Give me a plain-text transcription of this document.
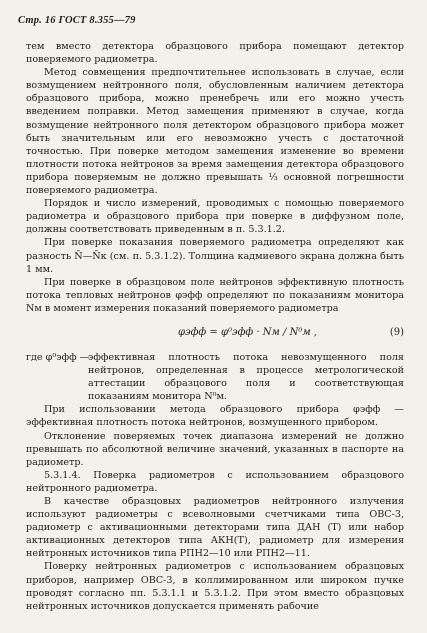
Стр. 16 ГОСТ 8.355—79

тем вместо детектора образцового прибора помещают детектор поверяемого радиометра.

Метод совмещения предпочтительнее использовать в случае, если возмущением нейтронного поля, обусловленным наличием детектора образцового прибора, можно пренебречь или его можно учесть введением поправки. Метод замещения применяют в случае, когда возмущение нейтронного поля детектором образцового прибора может быть значительным или его невозможно учесть с достаточной точностью. При поверке методом замещения изменение во времени плотности потока нейтронов за время замещения детектора образцового прибора поверяемым не должно превышать ⅓ основной погрешности поверяемого радиометра.

Порядок и число измерений, проводимых с помощью поверяемого радиометра и образцового прибора при поверке в диффузном поле, должны соответствовать приведенным в п. 5.3.1.2.

При поверке показания поверяемого радиометра определяют как разность N̄—N̄к (см. п. 5.3.1.2). Толщина кадмиевого экрана должна быть 1 мм.

При поверке в образцовом поле нейтронов эффективную плотность потока тепловых нейтронов φэфф определяют по показаниям монитора Nм в момент измерения показаний поверяемого радиометра

φэфф = φ⁰эфф · Nм / N⁰м ,	(9)
где φ⁰эфф —
эффективная плотность потока невозмущенного поля нейтронов, определенная в процессе метрологической аттестации образцового поля и соответствующая показаниям монитора N⁰м.

При использовании метода образцового прибора φэфф — эффективная плотность потока нейтронов, возмущенного прибором.

Отклонение поверяемых точек диапазона измерений не должно превышать по абсолютной величине значений, указанных в паспорте на радиометр.

5.3.1.4. Поверка радиометров с использованием образцового нейтронного радиометра.

В качестве образцовых радиометров нейтронного излучения используют радиометры с всеволновыми счетчиками типа ОВС-3, радиометр с активационными детекторами типа ДАН (Т) или набор активационных детекторов типа АКН(Т), радиометр для измерения нейтронных источников типа РПН2—10 или РПН2—11.

Поверку нейтронных радиометров с использованием образцовых приборов, например ОВС-3, в коллимированном или широком пучке проводят согласно пп. 5.3.1.1 и 5.3.1.2. При этом вместо образцовых нейтронных источников допускается применять рабочие
